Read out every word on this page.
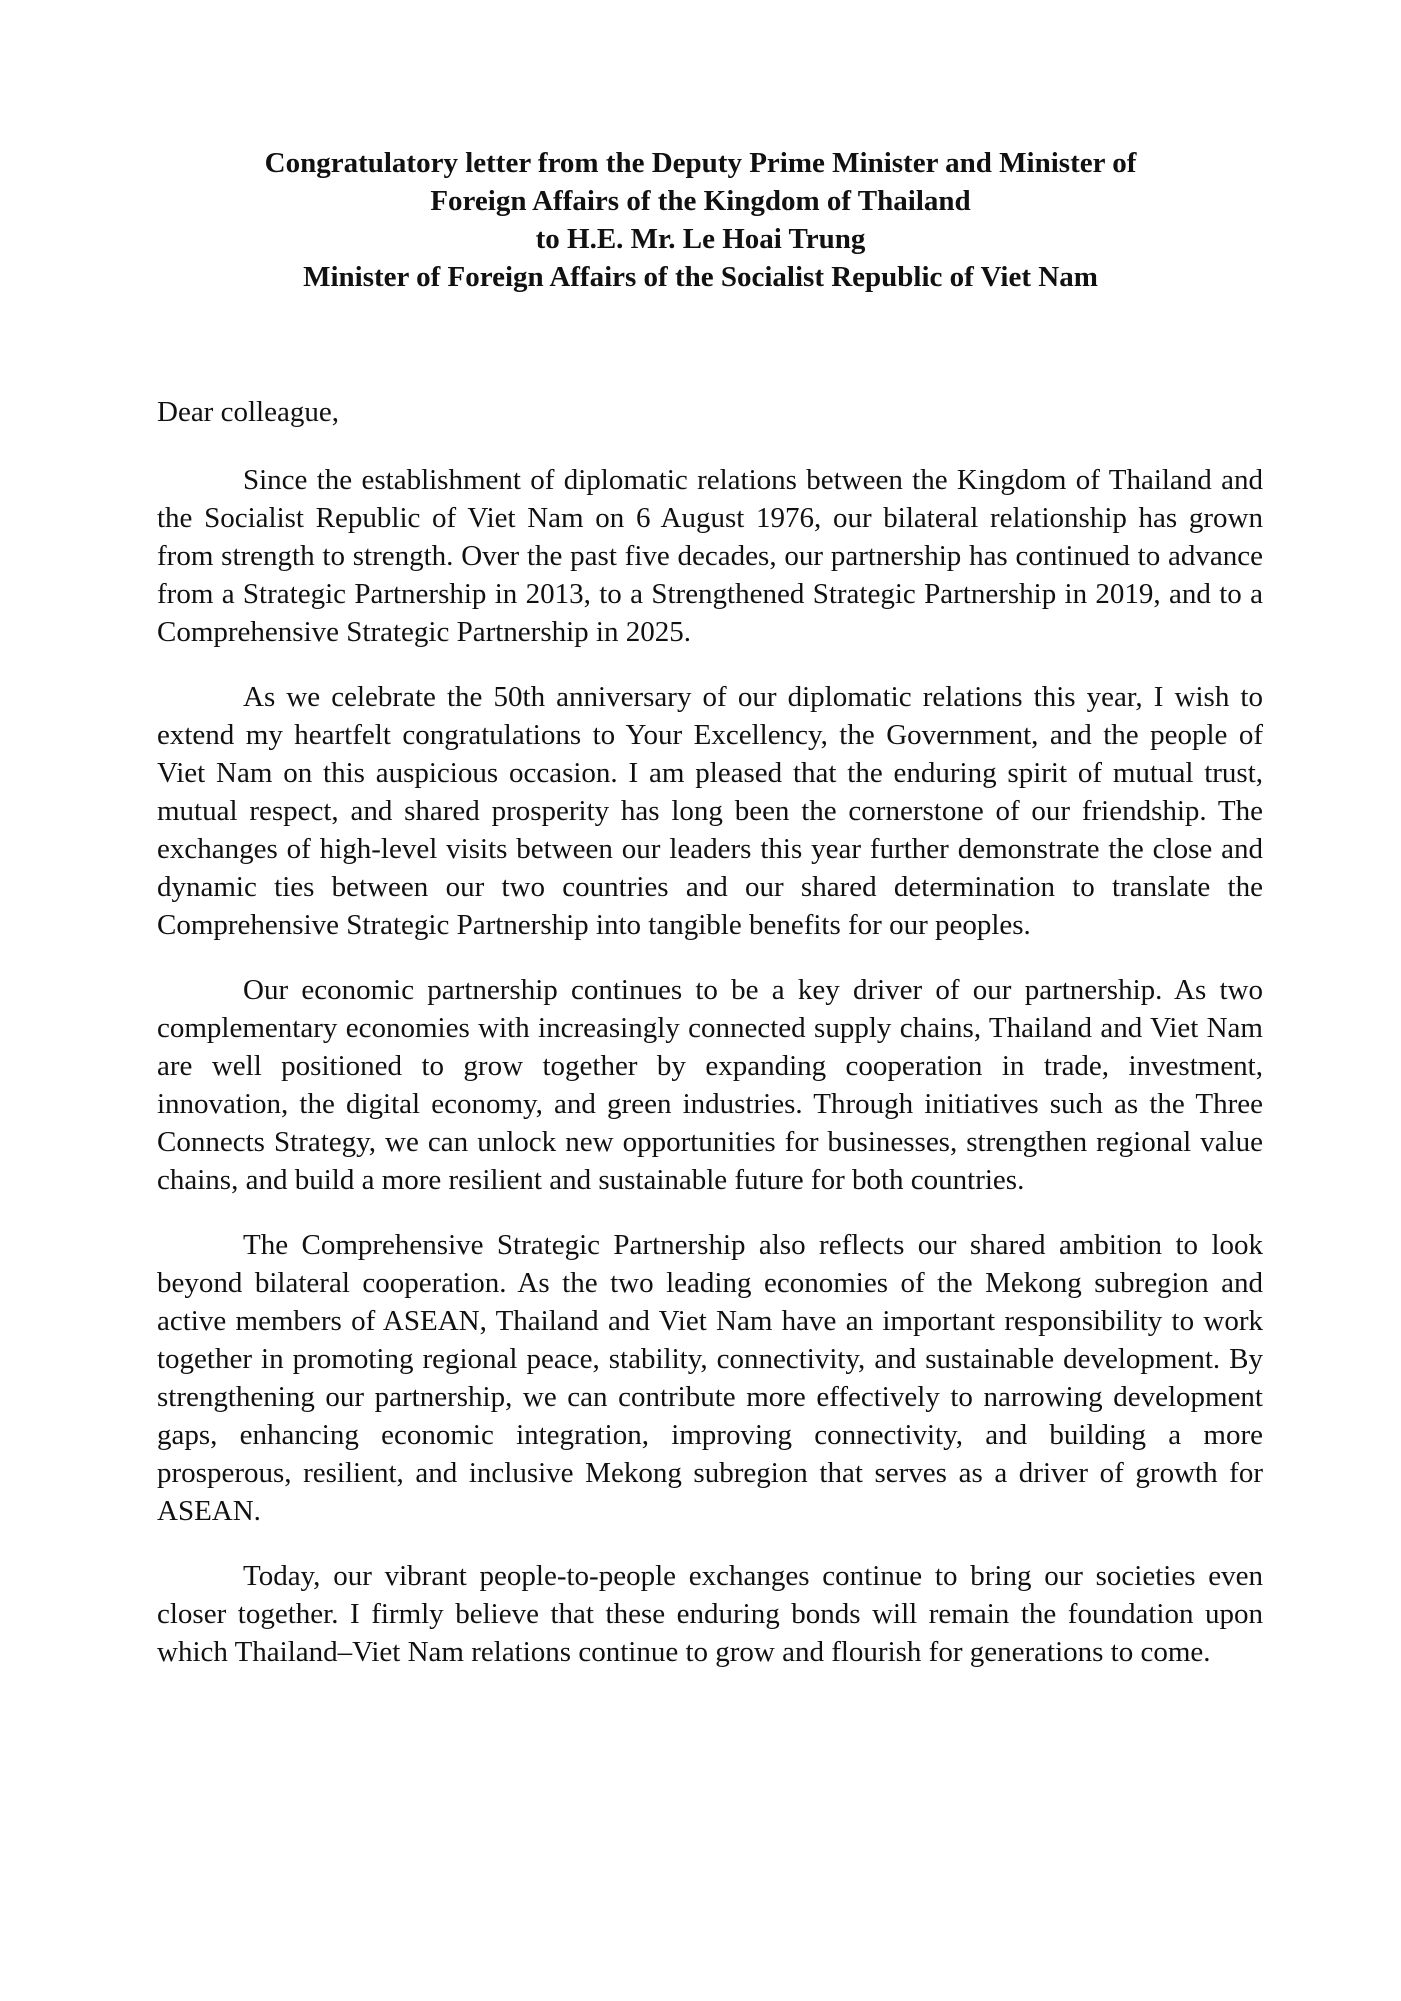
Congratulatory letter from the Deputy Prime Minister and Minister of
Foreign Affairs of the Kingdom of Thailand
to H.E. Mr. Le Hoai Trung
Minister of Foreign Affairs of the Socialist Republic of Viet Nam

Dear colleague,

Since the establishment of diplomatic relations between the Kingdom of Thailand and the Socialist Republic of Viet Nam on 6 August 1976, our bilateral relationship has grown from strength to strength. Over the past five decades, our partnership has continued to advance from a Strategic Partnership in 2013, to a Strengthened Strategic Partnership in 2019, and to a Comprehensive Strategic Partnership in 2025.

As we celebrate the 50th anniversary of our diplomatic relations this year, I wish to extend my heartfelt congratulations to Your Excellency, the Government, and the people of Viet Nam on this auspicious occasion. I am pleased that the enduring spirit of mutual trust, mutual respect, and shared prosperity has long been the cornerstone of our friendship. The exchanges of high-level visits between our leaders this year further demonstrate the close and dynamic ties between our two countries and our shared determination to translate the Comprehensive Strategic Partnership into tangible benefits for our peoples.

Our economic partnership continues to be a key driver of our partnership. As two complementary economies with increasingly connected supply chains, Thailand and Viet Nam are well positioned to grow together by expanding cooperation in trade, investment, innovation, the digital economy, and green industries. Through initiatives such as the Three Connects Strategy, we can unlock new opportunities for businesses, strengthen regional value chains, and build a more resilient and sustainable future for both countries.

The Comprehensive Strategic Partnership also reflects our shared ambition to look beyond bilateral cooperation. As the two leading economies of the Mekong subregion and active members of ASEAN, Thailand and Viet Nam have an important responsibility to work together in promoting regional peace, stability, connectivity, and sustainable development. By strengthening our partnership, we can contribute more effectively to narrowing development gaps, enhancing economic integration, improving connectivity, and building a more prosperous, resilient, and inclusive Mekong subregion that serves as a driver of growth for ASEAN.

Today, our vibrant people-to-people exchanges continue to bring our societies even closer together. I firmly believe that these enduring bonds will remain the foundation upon which Thailand–Viet Nam relations continue to grow and flourish for generations to come.
